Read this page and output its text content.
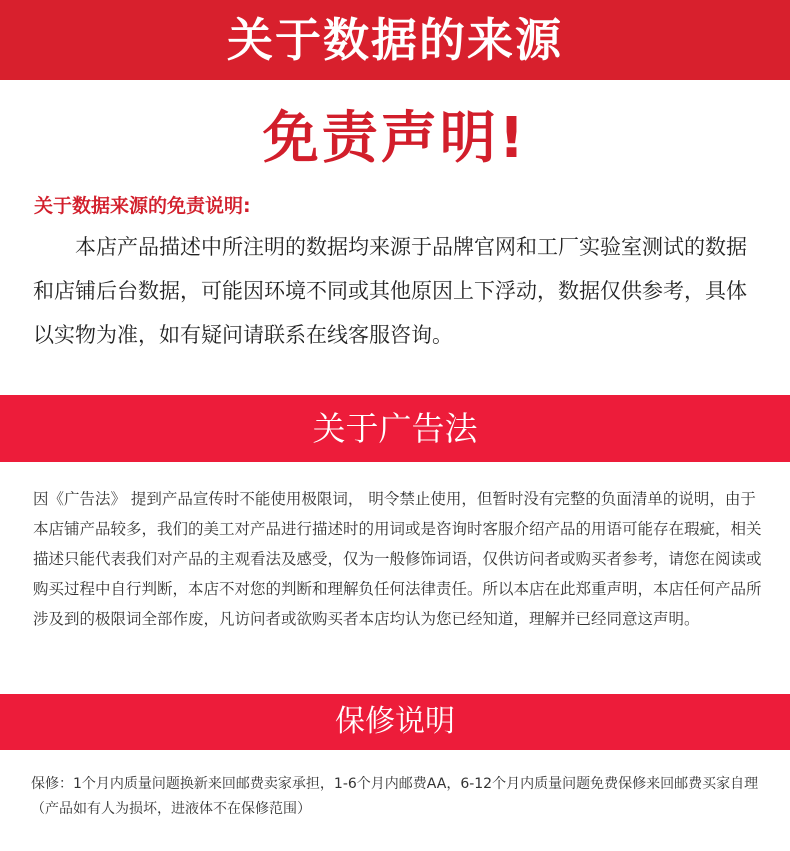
关于数据的来源
免责声明!
关于数据来源的免责说明:

本店产品描述中所注明的数据均来源于品牌官网和工厂实验室测试的数据和店铺后台数据，可能因环境不同或其他原因上下浮动，数据仅供参考，具体以实物为准，如有疑问请联系在线客服咨询。

关于广告法

因《广告法》 提到产品宣传时不能使用极限词， 明令禁止使用，但暂时没有完整的负面清单的说明，由于本店铺产品较多，我们的美工对产品进行描述时的用词或是咨询时客服介绍产品的用语可能存在瑕疵，相关描述只能代表我们对产品的主观看法及感受，仅为一般修饰词语，仅供访问者或购买者参考，请您在阅读或购买过程中自行判断，本店不对您的判断和理解负任何法律责任。所以本店在此郑重声明，本店任何产品所涉及到的极限词全部作废，凡访问者或欲购买者本店均认为您已经知道，理解并已经同意这声明。

保修说明

保修：1个月内质量问题换新来回邮费卖家承担，1-6个月内邮费AA，6-12个月内质量问题免费保修来回邮费买家自理（产品如有人为损坏，进液体不在保修范围）
